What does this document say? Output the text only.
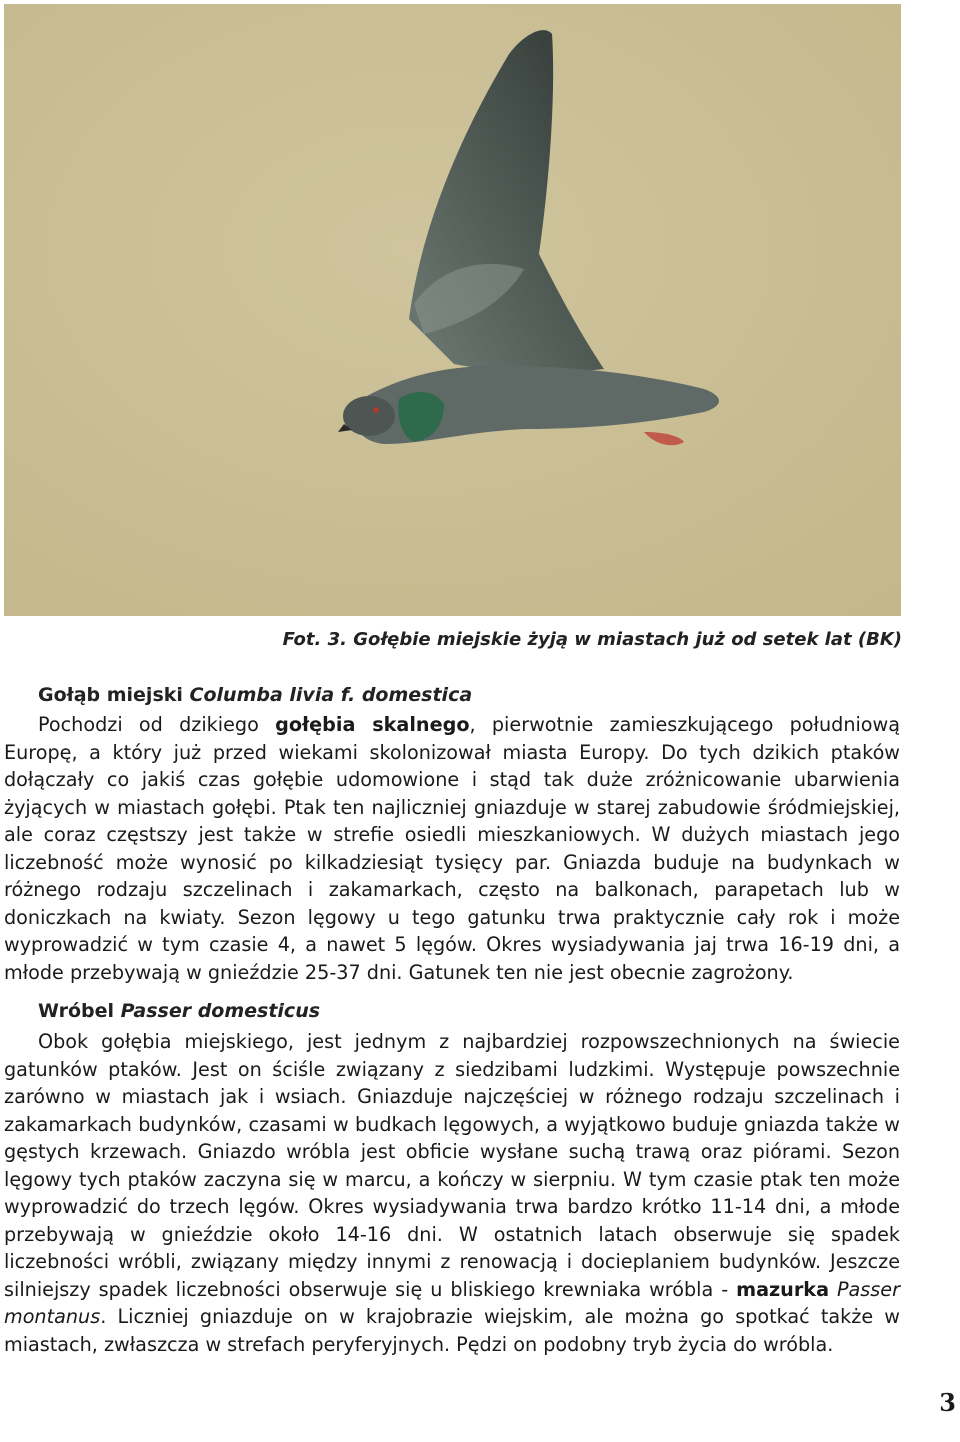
Fot. 3. Gołębie miejskie żyją w miastach już od setek lat (BK)
Gołąb miejski Columba livia f. domestica

Pochodzi od dzikiego gołębia skalnego, pierwotnie zamieszkującego południową Europę, a który już przed wiekami skolonizował miasta Europy. Do tych dzikich ptaków dołączały co jakiś czas gołębie udomowione i stąd tak duże zróżnicowanie ubarwienia żyjących w miastach gołębi. Ptak ten najliczniej gniazduje w starej zabudowie śródmiejskiej, ale coraz częstszy jest także w strefie osiedli mieszkaniowych. W dużych miastach jego liczebność może wynosić po kilkadziesiąt tysięcy par. Gniazda buduje na budynkach w różnego rodzaju szczelinach i zakamarkach, często na balkonach, parapetach lub w doniczkach na kwiaty. Sezon lęgowy u tego gatunku trwa praktycznie cały rok i może wyprowadzić w tym czasie 4, a nawet 5 lęgów. Okres wysiadywania jaj trwa 16-19 dni, a młode przebywają w gnieździe 25-37 dni. Gatunek ten nie jest obecnie zagrożony.

Wróbel Passer domesticus

Obok gołębia miejskiego, jest jednym z najbardziej rozpowszechnionych na świecie gatunków ptaków. Jest on ściśle związany z siedzibami ludzkimi. Występuje powszechnie zarówno w miastach jak i wsiach. Gniazduje najczęściej w różnego rodzaju szczelinach i zakamarkach budynków, czasami w budkach lęgowych, a wyjątkowo buduje gniazda także w gęstych krzewach. Gniazdo wróbla jest obficie wysłane suchą trawą oraz piórami. Sezon lęgowy tych ptaków zaczyna się w marcu, a kończy w sierpniu. W tym czasie ptak ten może wyprowadzić do trzech lęgów. Okres wysiadywania trwa bardzo krótko 11-14 dni, a młode przebywają w gnieździe około 14-16 dni. W ostatnich latach obserwuje się spadek liczebności wróbli, związany między innymi z renowacją i docieplaniem budynków. Jeszcze silniejszy spadek liczebności obserwuje się u bliskiego krewniaka wróbla - mazurka Passer montanus. Liczniej gniazduje on w krajobrazie wiejskim, ale można go spotkać także w miastach, zwłaszcza w strefach peryferyjnych. Pędzi on podobny tryb życia do wróbla.

3
